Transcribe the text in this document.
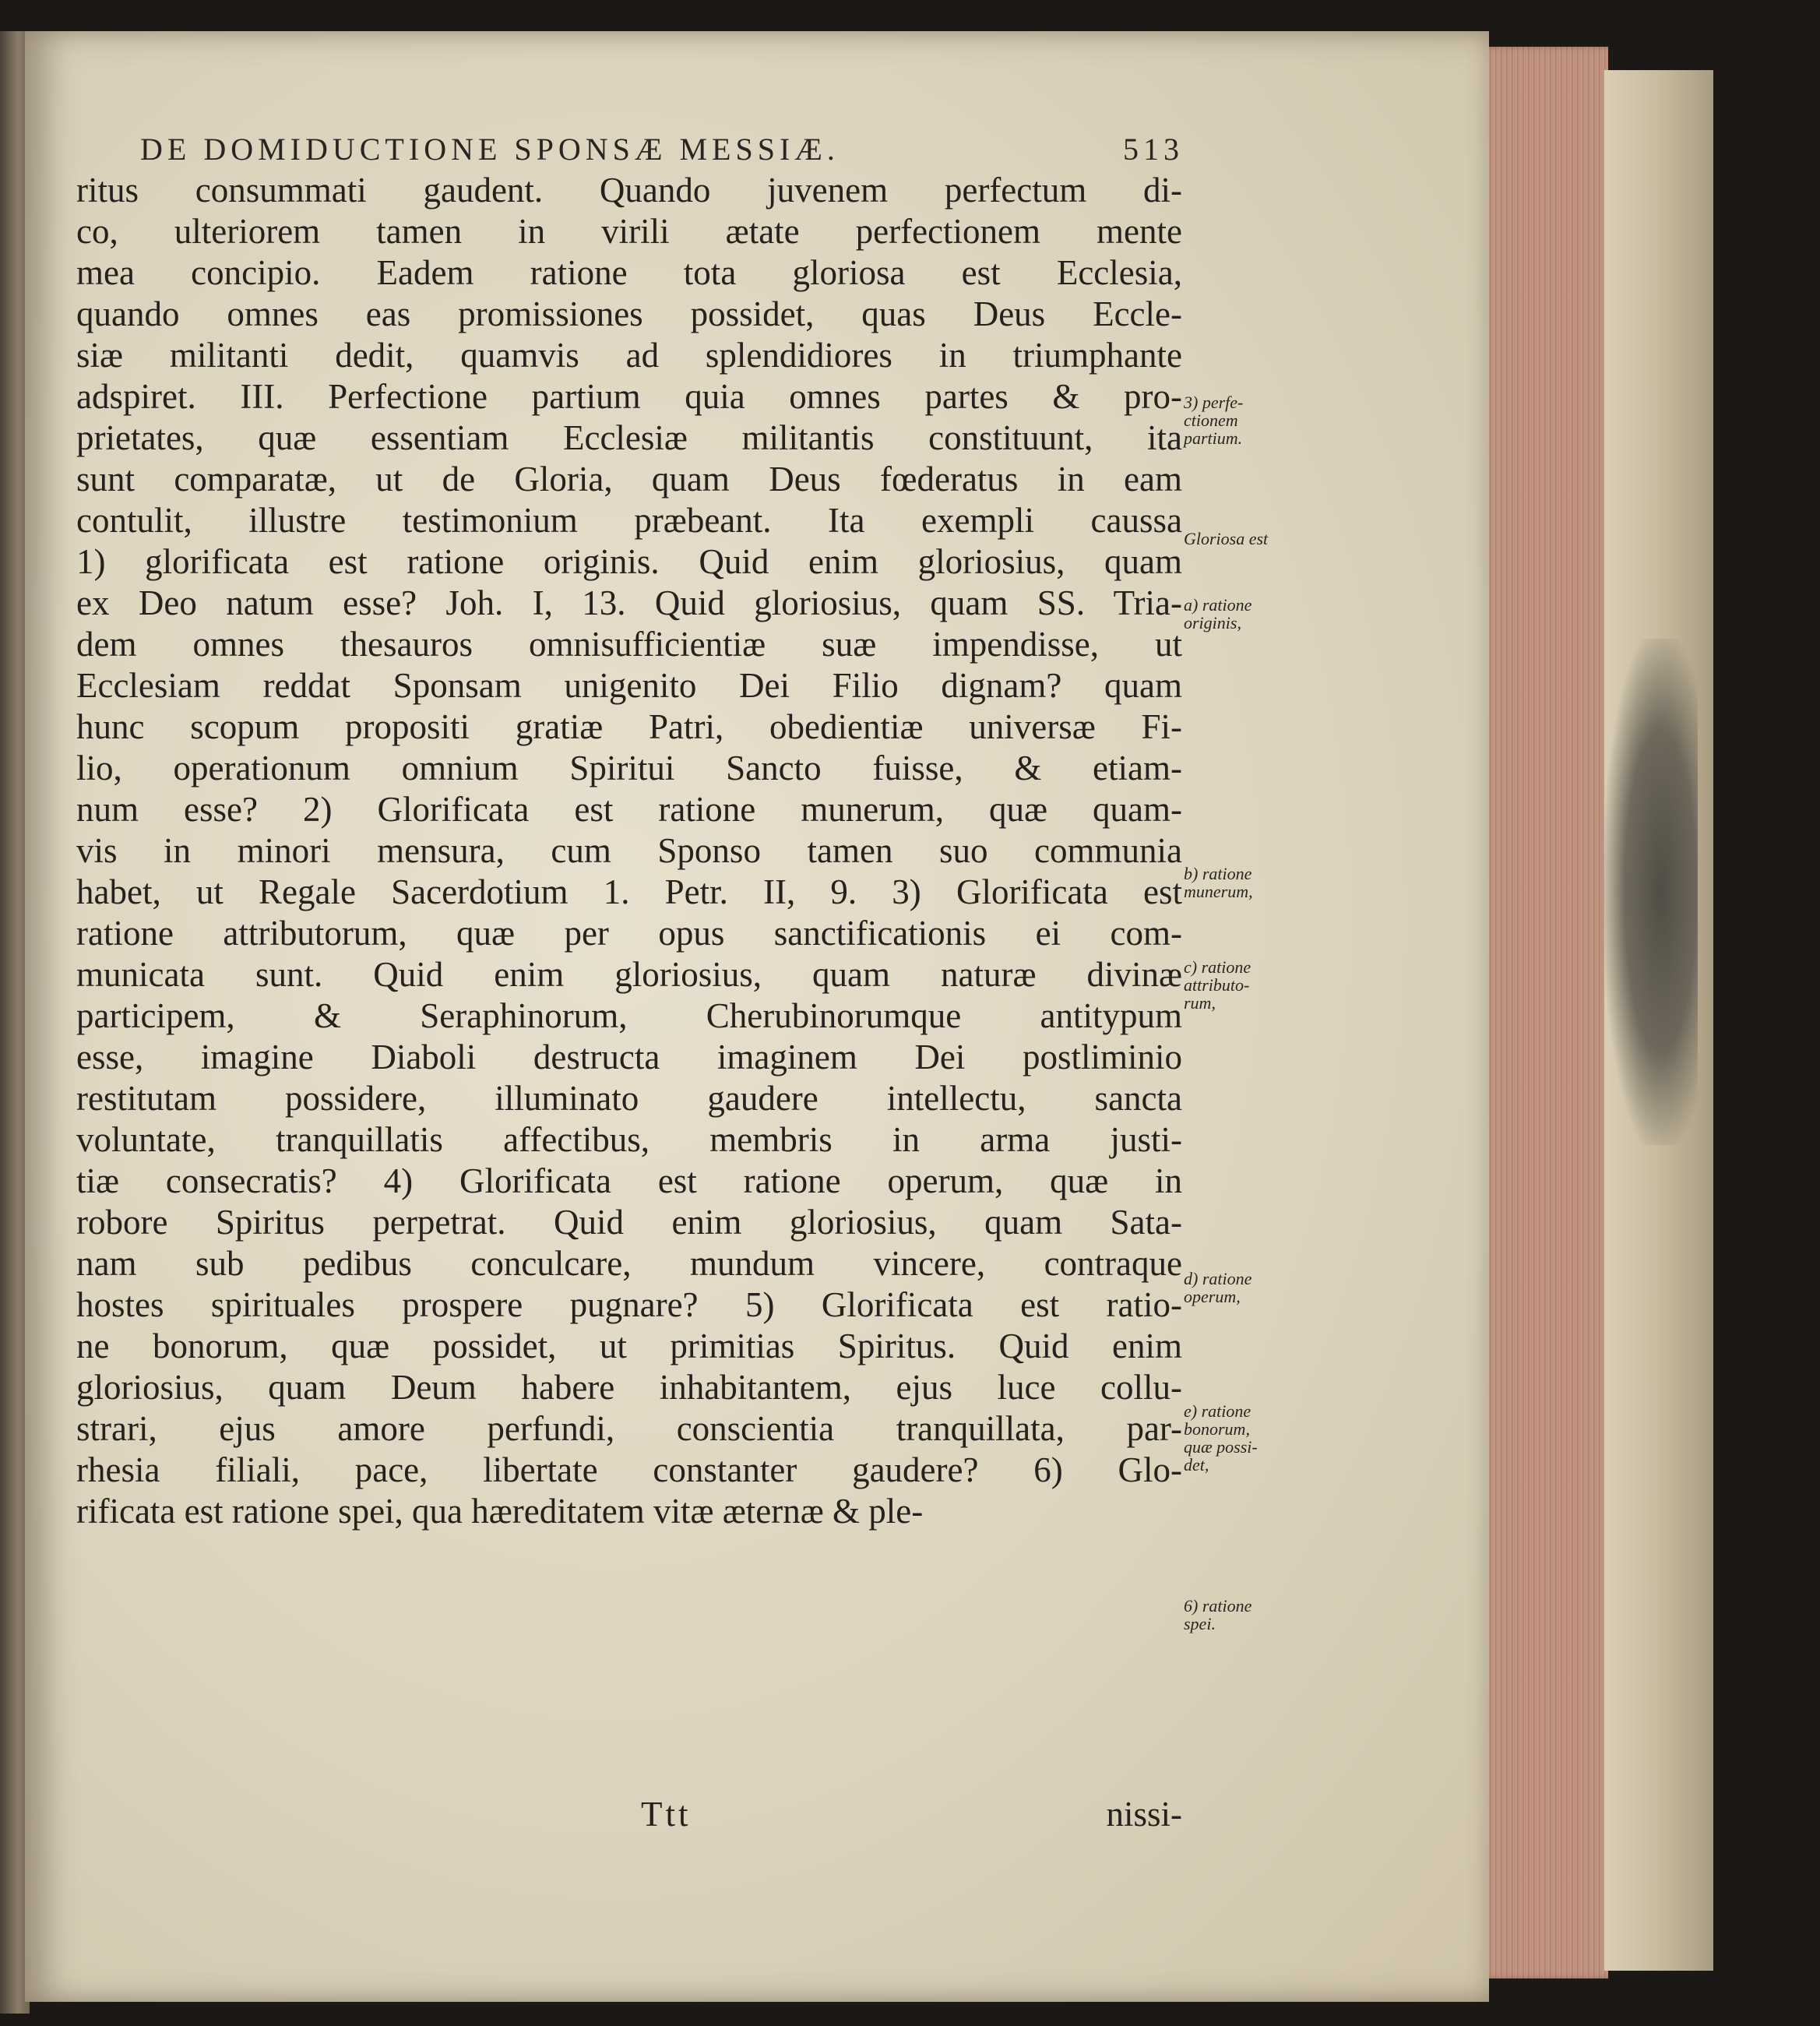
DE DOMIDUCTIONE SPONSÆ MESSIÆ.	513
ritus consummati gaudent. Quando juvenem perfectum di-
co, ulteriorem tamen in virili ætate perfectionem mente
mea concipio. Eadem ratione tota gloriosa est Ecclesia,
quando omnes eas promissiones possidet, quas Deus Eccle-
siæ militanti dedit, quamvis ad splendidiores in triumphante
adspiret. III. Perfectione partium quia omnes partes & pro-
prietates, quæ essentiam Ecclesiæ militantis constituunt, ita
sunt comparatæ, ut de Gloria, quam Deus fœderatus in eam
contulit, illustre testimonium præbeant. Ita exempli caussa
1) glorificata est ratione originis. Quid enim gloriosius, quam
ex Deo natum esse? Joh. I, 13. Quid gloriosius, quam SS. Tria-
dem omnes thesauros omnisufficientiæ suæ impendisse, ut
Ecclesiam reddat Sponsam unigenito Dei Filio dignam? quam
hunc scopum propositi gratiæ Patri, obedientiæ universæ Fi-
lio, operationum omnium Spiritui Sancto fuisse, & etiam-
num esse? 2) Glorificata est ratione munerum, quæ quam-
vis in minori mensura, cum Sponso tamen suo communia
habet, ut Regale Sacerdotium 1. Petr. II, 9. 3) Glorificata est
ratione attributorum, quæ per opus sanctificationis ei com-
municata sunt. Quid enim gloriosius, quam naturæ divinæ
participem, & Seraphinorum, Cherubinorumque antitypum
esse, imagine Diaboli destructa imaginem Dei postliminio
restitutam possidere, illuminato gaudere intellectu, sancta
voluntate, tranquillatis affectibus, membris in arma justi-
tiæ consecratis? 4) Glorificata est ratione operum, quæ in
robore Spiritus perpetrat. Quid enim gloriosius, quam Sata-
nam sub pedibus conculcare, mundum vincere, contraque
hostes spirituales prospere pugnare? 5) Glorificata est ratio-
ne bonorum, quæ possidet, ut primitias Spiritus. Quid enim
gloriosius, quam Deum habere inhabitantem, ejus luce collu-
strari, ejus amore perfundi, conscientia tranquillata, par-
rhesia filiali, pace, libertate constanter gaudere? 6) Glo-
rificata est ratione spei, qua hæreditatem vitæ æternæ & ple-
3) perfe-ctionem partium.
Gloriosa est
a) ratione originis,
b) ratione munerum,
c) ratione attributo-rum,
d) ratione operum,
e) ratione bonorum, quæ possi-det,
6) ratione spei.
Ttt	nissi-
